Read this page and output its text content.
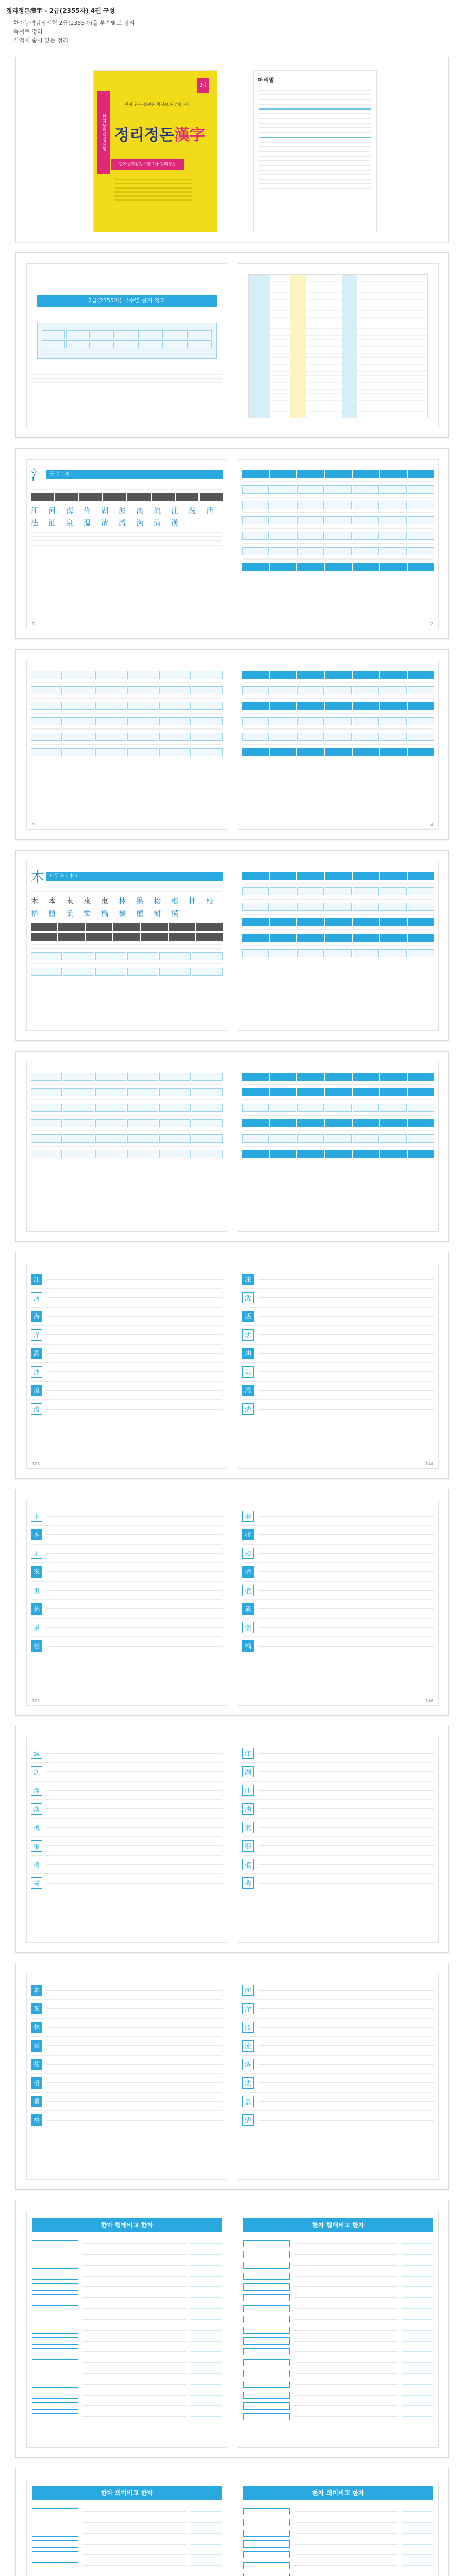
정리정돈漢字 - 2급(2355자) 4권 구성
한자능력검정시험 2급(2355자)을 부수별로 정리
독서로 정리
기억에 숨어 있는 정리
한자능력검정시험
2급
한자 공부 습관은 독서로 완성됩니다
정리정돈漢字
한자능력검정시험 2급 정리정돈
머리말
2급(2355자) 부수별 한자 정리
氵	물 수 ( 水 )
江	河	海	洋	湖	波	浪	流	注	洗	活
法	油	泉	溫	清	減	漁	滿	漢
1	2
3	4
木	나무 목 ( 木 )
木	本	末	來	東	林	果	松	根	柱	校
格	植	業	樂	橋	機	權	樹	橫
江
河
海
洋
湖
波
浪
流
103
注
洗
活
法
油
泉
溫
清
104
木
本
末
來
東
林
果
松
105
根
柱
校
格
植
業
樂
橋
106
減
漁
滿
漢
機
權
樹
橫
江
湖
注
油
東
根
植
機
本
來
林
松
柱
格
業
橋
河
洋
波
流
洗
法
泉
清
한자 형태비교 한자	한자 형태비교 한자
한자 의미비교 한자	한자 의미비교 한자
